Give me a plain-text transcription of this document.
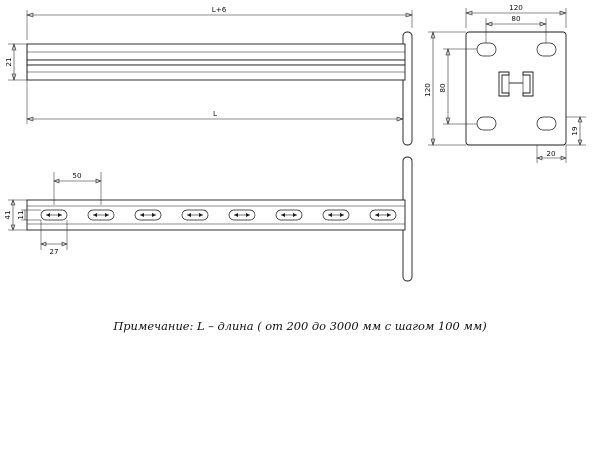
L+6
L
21
120
80
120 80
19
20
50
41 11
27
Примечание: L – длина ( от 200 до 3000 мм с шагом 100 мм)
